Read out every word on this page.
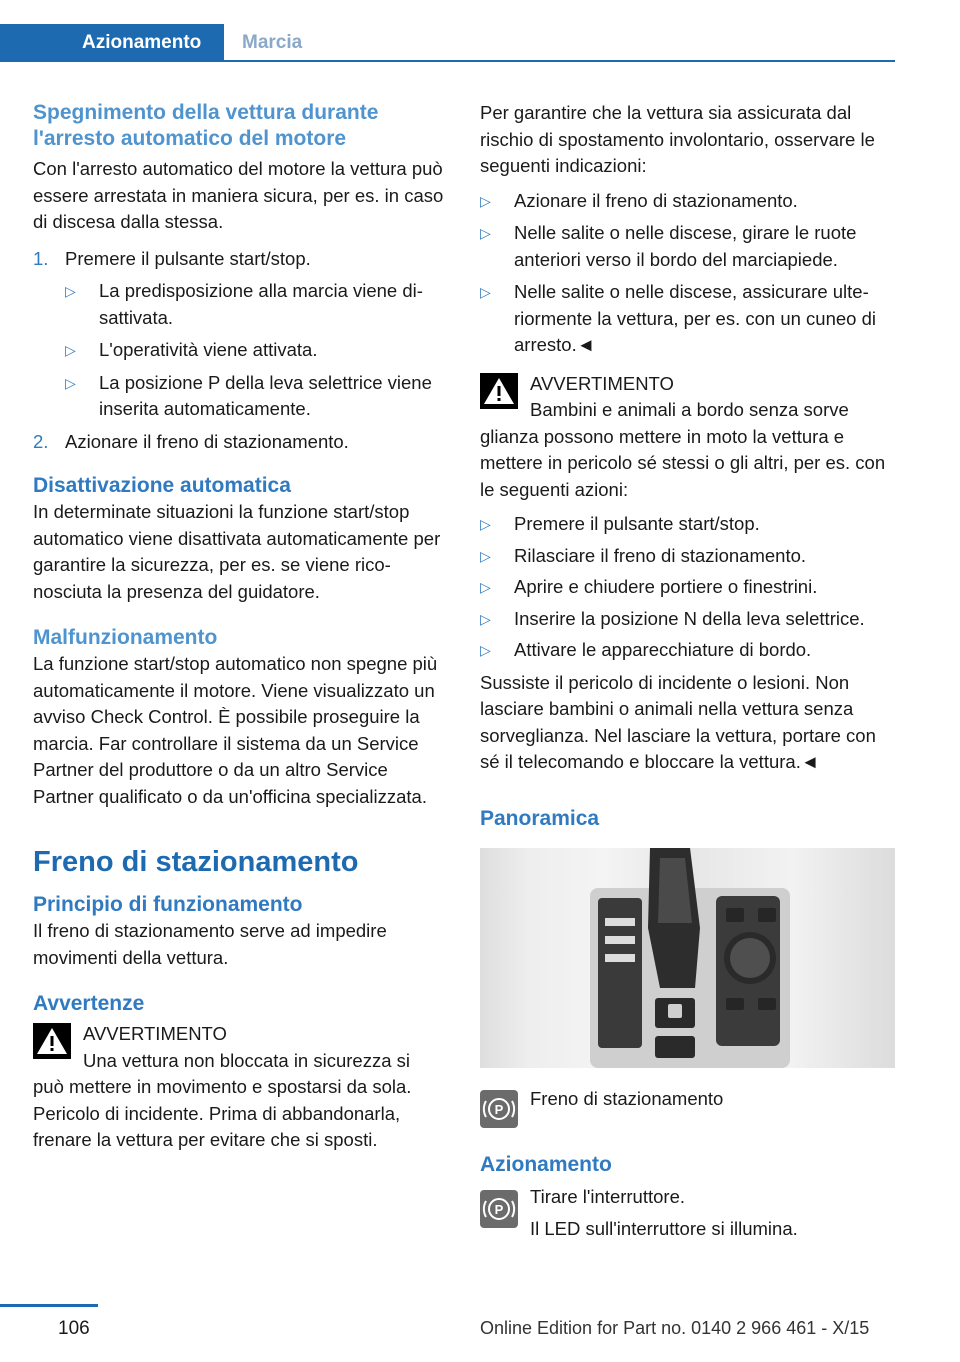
Azionamento	Marcia
Spegnimento della vettura durante l'arresto automatico del motore

Con l'arresto automatico del motore la vettura può essere arrestata in maniera sicura, per es. in caso di discesa dalla stessa.

1. Premere il pulsante start/stop.
▷	La predisposizione alla marcia viene disattivata.
▷	L'operatività viene attivata.
▷	La posizione P della leva selettrice viene inserita automaticamente.
2. Azionare il freno di stazionamento.
Disattivazione automatica

In determinate situazioni la funzione start/stop automatico viene disattivata automaticamente per garantire la sicurezza, per es. se viene riconosciuta la presenza del guidatore.

Malfunzionamento

La funzione start/stop automatico non spegne più automaticamente il motore. Viene visualizzato un avviso Check Control. È possibile proseguire la marcia. Far controllare il sistema da un Service Partner del produttore o da un altro Service Partner qualificato o da un'officina specializzata.

Freno di stazionamento
Principio di funzionamento

Il freno di stazionamento serve ad impedire movimenti della vettura.

Avvertenze

AVVERTIMENTO

Una vettura non bloccata in sicurezza si

può mettere in movimento e spostarsi da sola. Pericolo di incidente. Prima di abbandonarla, frenare la vettura per evitare che si sposti.

Per garantire che la vettura sia assicurata dal rischio di spostamento involontario, osservare le seguenti indicazioni:

▷	Azionare il freno di stazionamento.
▷	Nelle salite o nelle discese, girare le ruote anteriori verso il bordo del marciapiede.
▷	Nelle salite o nelle discese, assicurare ulteriormente la vettura, per es. con un cuneo di arresto.◄

AVVERTIMENTO

Bambini e animali a bordo senza sorve

glianza possono mettere in moto la vettura e mettere in pericolo sé stessi o gli altri, per es. con le seguenti azioni:

▷	Premere il pulsante start/stop.
▷	Rilasciare il freno di stazionamento.
▷	Aprire e chiudere portiere o finestrini.
▷	Inserire la posizione N della leva selettrice.
▷	Attivare le apparecchiature di bordo.

Sussiste il pericolo di incidente o lesioni. Non lasciare bambini o animali nella vettura senza sorveglianza. Nel lasciare la vettura, portare con sé il telecomando e bloccare la vettura.◄

Panoramica
P

Freno di stazionamento

Azionamento
P

Tirare l'interruttore.

Il LED sull'interruttore si illumina.

106	Online Edition for Part no. 0140 2 966 461 - X/15
